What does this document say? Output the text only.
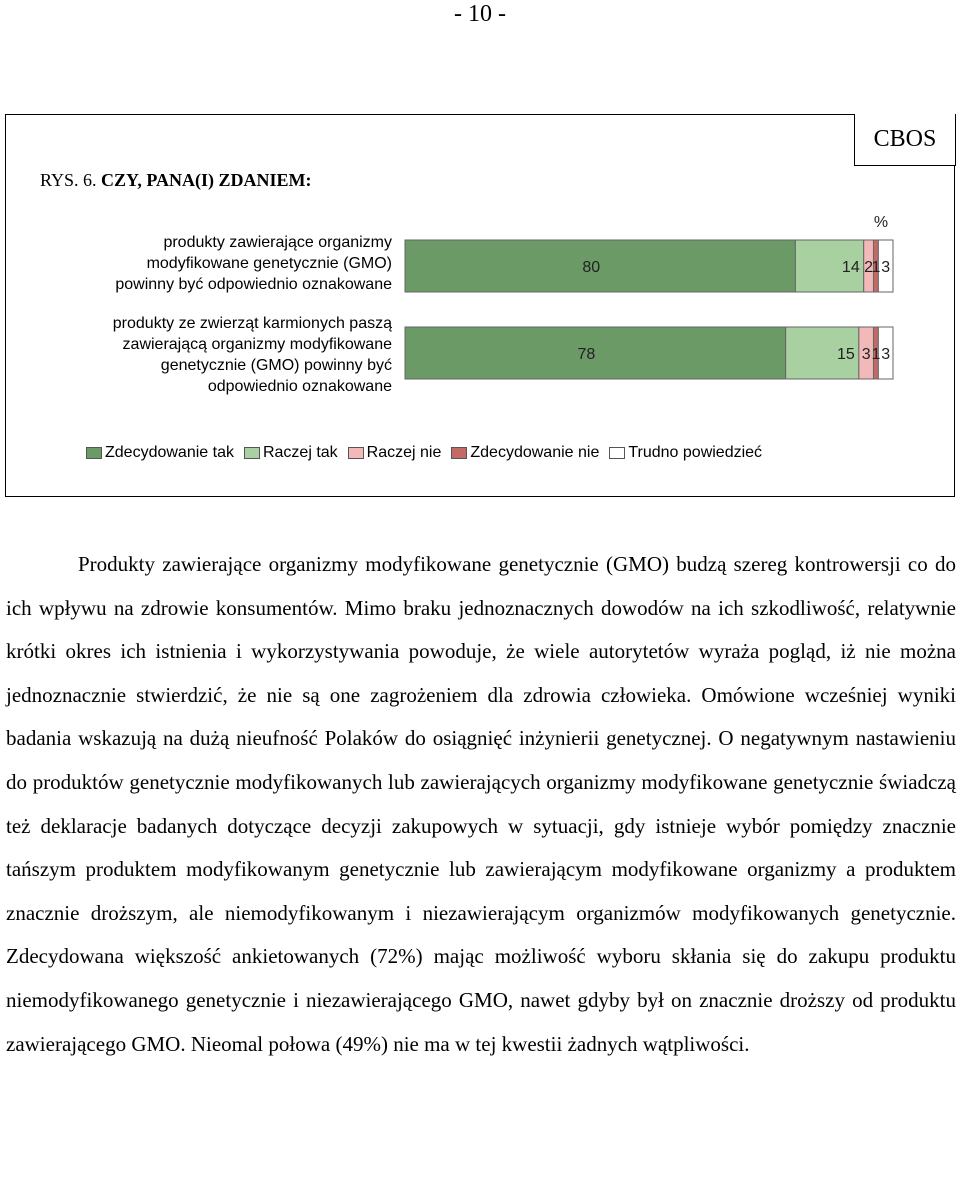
- 10 -
CBOS
RYS. 6. CZY, PANA(I) ZDANIEM:
produkty zawierające organizmy
modyfikowane genetycznie (GMO)
powinny być odpowiednio oznakowane
produkty ze zwierząt karmionych paszą
zawierającą organizmy modyfikowane
genetycznie (GMO) powinny być
odpowiednio oznakowane
%
80	14 2
1 3
78	15 3 1 3
Zdecydowanie tak Raczej tak Raczej nie Zdecydowanie nie Trudno powiedzieć
Produkty zawierające organizmy modyfikowane genetycznie (GMO) budzą szereg kontrowersji co do ich wpływu na zdrowie konsumentów. Mimo braku jednoznacznych dowodów na ich szkodliwość, relatywnie krótki okres ich istnienia i wykorzystywania powoduje, że wiele autorytetów wyraża pogląd, iż nie można jednoznacznie stwierdzić, że nie są one zagrożeniem dla zdrowia człowieka. Omówione wcześniej wyniki badania wskazują na dużą nieufność Polaków do osiągnięć inżynierii genetycznej. O negatywnym nastawieniu do produktów genetycznie modyfikowanych lub zawierających organizmy modyfikowane genetycznie świadczą też deklaracje badanych dotyczące decyzji zakupowych w sytuacji, gdy istnieje wybór pomiędzy znacznie tańszym produktem modyfikowanym genetycznie lub zawierającym modyfikowane organizmy a produktem znacznie droższym, ale niemodyfikowanym i niezawierającym organizmów modyfikowanych genetycznie. Zdecydowana większość ankietowanych (72%) mając możliwość wyboru skłania się do zakupu produktu niemodyfikowanego genetycznie i niezawierającego GMO, nawet gdyby był on znacznie droższy od produktu zawierającego GMO. Nieomal połowa (49%) nie ma w tej kwestii żadnych wątpliwości.
